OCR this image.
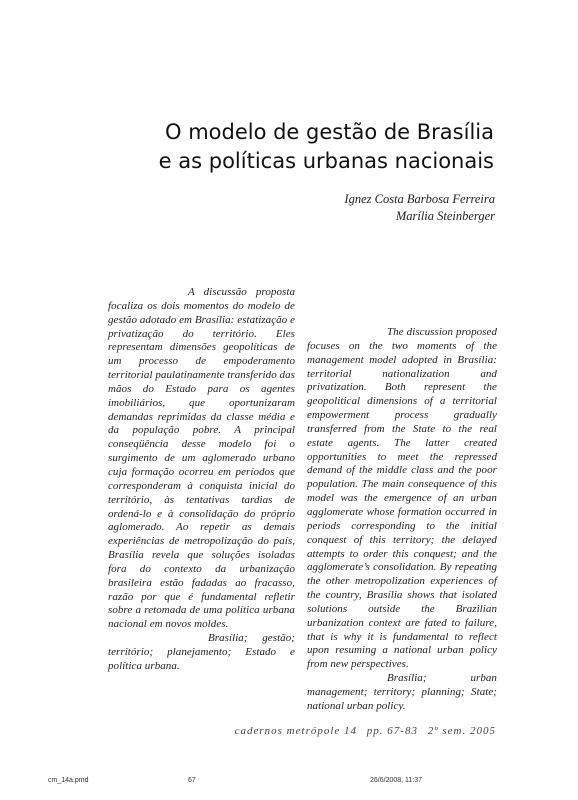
O modelo de gestão de Brasília
e as políticas urbanas nacionais
Ignez Costa Barbosa Ferreira
Marília Steinberger

A discussão proposta focaliza os dois momentos do modelo de gestão adotado em Brasília: estatização e privatização do território. Eles representam dimensões geopolíticas de um processo de empoderamento territorial paulatinamente transferido das mãos do Estado para os agentes imobiliários, que oportunizaram demandas reprimidas da classe média e da população pobre. A principal conseqüência desse modelo foi o surgimento de um aglomerado urbano cuja formação ocorreu em períodos que corresponderam à conquista inicial do território, às tentativas tardias de ordená-lo e à consolidação do próprio aglomerado. Ao repetir as demais experiências de metropolização do país, Brasília revela que soluções isoladas fora do contexto da urbanização brasileira estão fadadas ao fracasso, razão por que é fundamental refletir sobre a retomada de uma política urbana nacional em novos moldes.

Brasília; gestão; território; planejamento; Estado e política urbana.

The discussion proposed focuses on the two moments of the management model adopted in Brasília: territorial nationalization and privatization. Both represent the geopolitical dimensions of a territorial empowerment process gradually transferred from the State to the real estate agents. The latter created opportunities to meet the repressed demand of the middle class and the poor population. The main consequence of this model was the emergence of an urban agglomerate whose formation occurred in periods corresponding to the initial conquest of this territory; the delayed attempts to order this conquest; and the agglomerate’s consolidation. By repeating the other metropolization experiences of the country, Brasília shows that isolated solutions outside the Brazilian urbanization context are fated to failure, that is why it is fundamental to reflect upon resuming a national urban policy from new perspectives.

Brasília; urban management; territory; planning; State; national urban policy.

cadernos metrópole 14 pp. 67-83 2º sem. 2005
cm_14a.pmd	67	26/6/2008, 11:37
